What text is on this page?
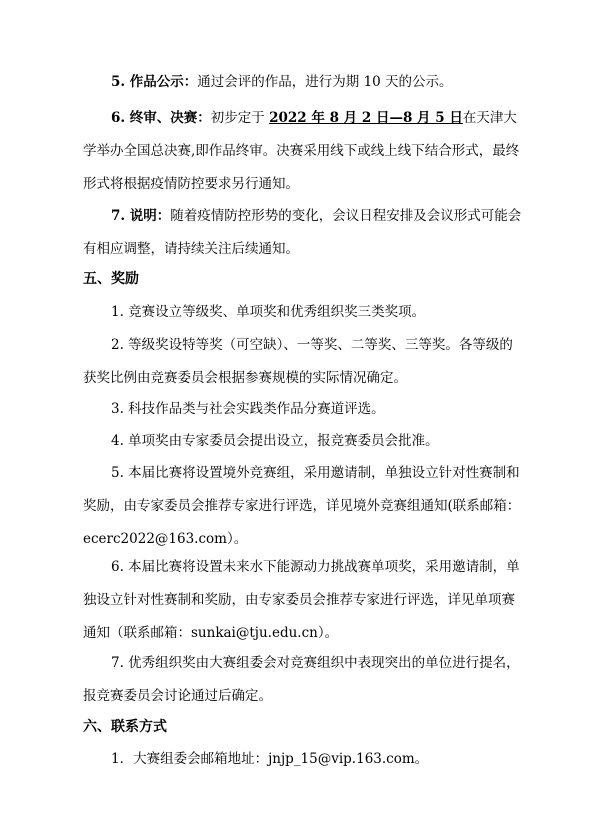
5. 作品公示：通过会评的作品，进行为期 10 天的公示。

6. 终审、决赛：初步定于 2022 年 8 月 2 日—8 月 5 日在天津大学举办全国总决赛,即作品终审。决赛采用线下或线上线下结合形式，最终形式将根据疫情防控要求另行通知。

7. 说明：随着疫情防控形势的变化，会议日程安排及会议形式可能会有相应调整，请持续关注后续通知。

五、奖励

1. 竞赛设立等级奖、单项奖和优秀组织奖三类奖项。

2. 等级奖设特等奖（可空缺）、一等奖、二等奖、三等奖。各等级的获奖比例由竞赛委员会根据参赛规模的实际情况确定。

3. 科技作品类与社会实践类作品分赛道评选。

4. 单项奖由专家委员会提出设立，报竞赛委员会批准。

5. 本届比赛将设置境外竞赛组，采用邀请制，单独设立针对性赛制和奖励，由专家委员会推荐专家进行评选，详见境外竞赛组通知(联系邮箱：ecerc2022@163.com）。

6. 本届比赛将设置未来水下能源动力挑战赛单项奖，采用邀请制，单独设立针对性赛制和奖励，由专家委员会推荐专家进行评选，详见单项赛通知（联系邮箱：sunkai@tju.edu.cn）。

7. 优秀组织奖由大赛组委会对竞赛组织中表现突出的单位进行提名，报竞赛委员会讨论通过后确定。

六、联系方式

1．大赛组委会邮箱地址：jnjp_15@vip.163.com。
